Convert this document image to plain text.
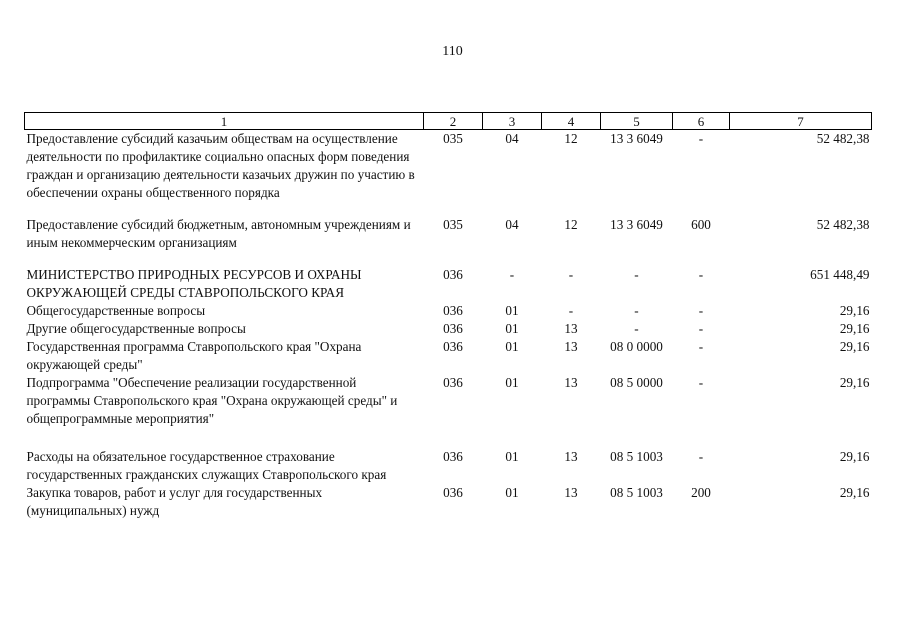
110
1	2	3	4	5	6	7
Предоставление субсидий казачьим обществам на осуществление деятельности по профилактике социально опасных форм поведения граждан и организацию деятельности казачьих дружин по участию в обеспечении охраны общественного порядка	035	04	12	13 3 6049	-	52 482,38
Предоставление субсидий бюджетным, автономным учреждениям и иным некоммерческим организациям	035	04	12	13 3 6049	600	52 482,38
МИНИСТЕРСТВО ПРИРОДНЫХ РЕСУРСОВ И ОХРАНЫ ОКРУЖАЮЩЕЙ СРЕДЫ СТАВРОПОЛЬСКОГО КРАЯ	036	-	-	-	-	651 448,49
Общегосударственные вопросы	036	01	-	-	-	29,16
Другие общегосударственные вопросы	036	01	13	-	-	29,16
Государственная программа Ставропольского края "Охрана окружающей среды"	036	01	13	08 0 0000	-	29,16
Подпрограмма "Обеспечение реализации государственной программы Ставропольского края "Охрана окружающей среды" и общепрограммные мероприятия"	036	01	13	08 5 0000	-	29,16
Расходы на обязательное государственное страхование государственных гражданских служащих Ставропольского края	036	01	13	08 5 1003	-	29,16
Закупка товаров, работ и услуг для государственных (муниципальных) нужд	036	01	13	08 5 1003	200	29,16
